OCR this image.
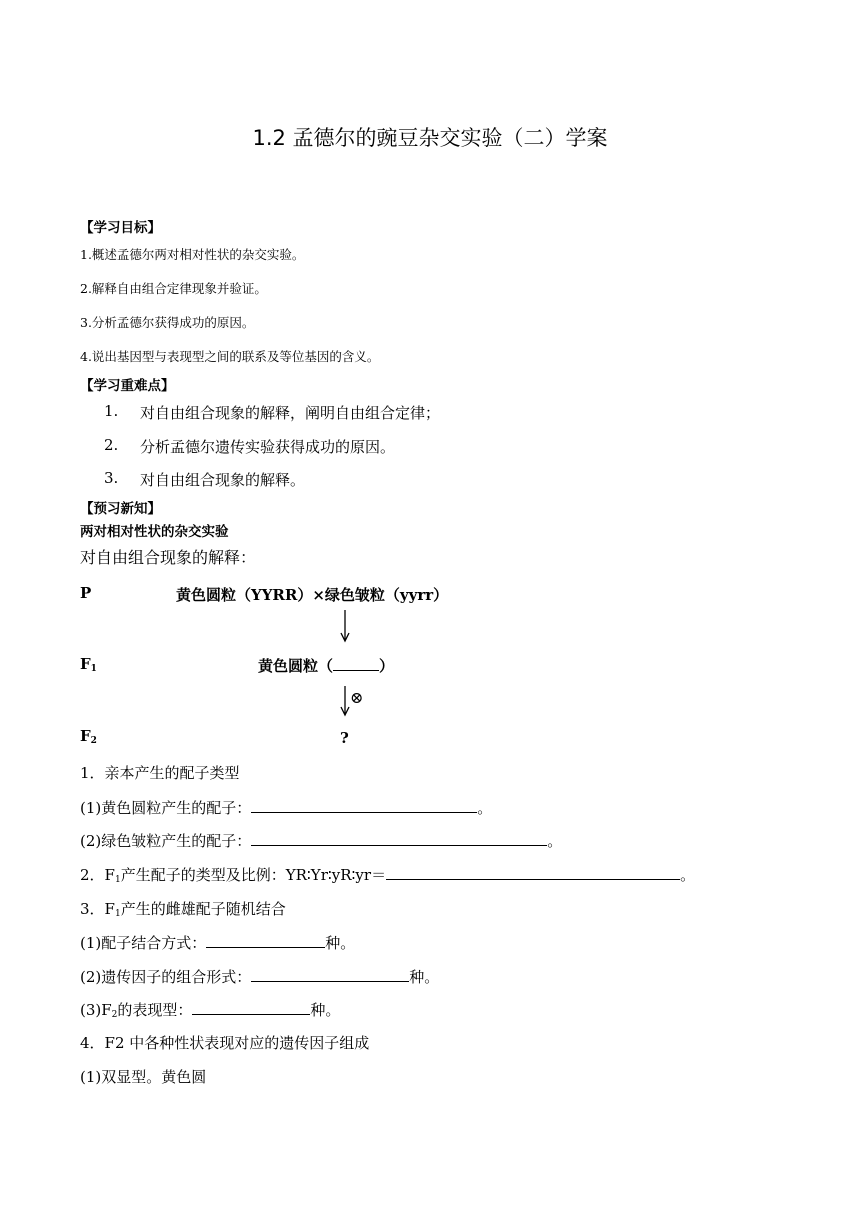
1.2 孟德尔的豌豆杂交实验（二）学案
【学习目标】
1.概述孟德尔两对相对性状的杂交实验。
2.解释自由组合定律现象并验证。
3.分析孟德尔获得成功的原因。
4.说出基因型与表现型之间的联系及等位基因的含义。
【学习重难点】
1. 对自由组合现象的解释，阐明自由组合定律；
2. 分析孟德尔遗传实验获得成功的原因。
3. 对自由组合现象的解释。
【预习新知】
两对相对性状的杂交实验
对自由组合现象的解释：
P	黄色圆粒（YYRR）×绿色皱粒（yyrr）
$F_1$	黄色圆粒（	）
⊗
$F_2$	?
1．亲本产生的配子类型
(1)黄色圆粒产生的配子：	。
(2)绿色皱粒产生的配子：	。
2．$F_1$产生配子的类型及比例：YR∶Yr∶yR∶yr＝	。
3．$F_1$产生的雌雄配子随机结合
(1)配子结合方式：	种。
(2)遗传因子的组合形式：	种。
$(3)F_2$的表现型：	种。
4．F2 中各种性状表现对应的遗传因子组成
(1)双显型。黄色圆
